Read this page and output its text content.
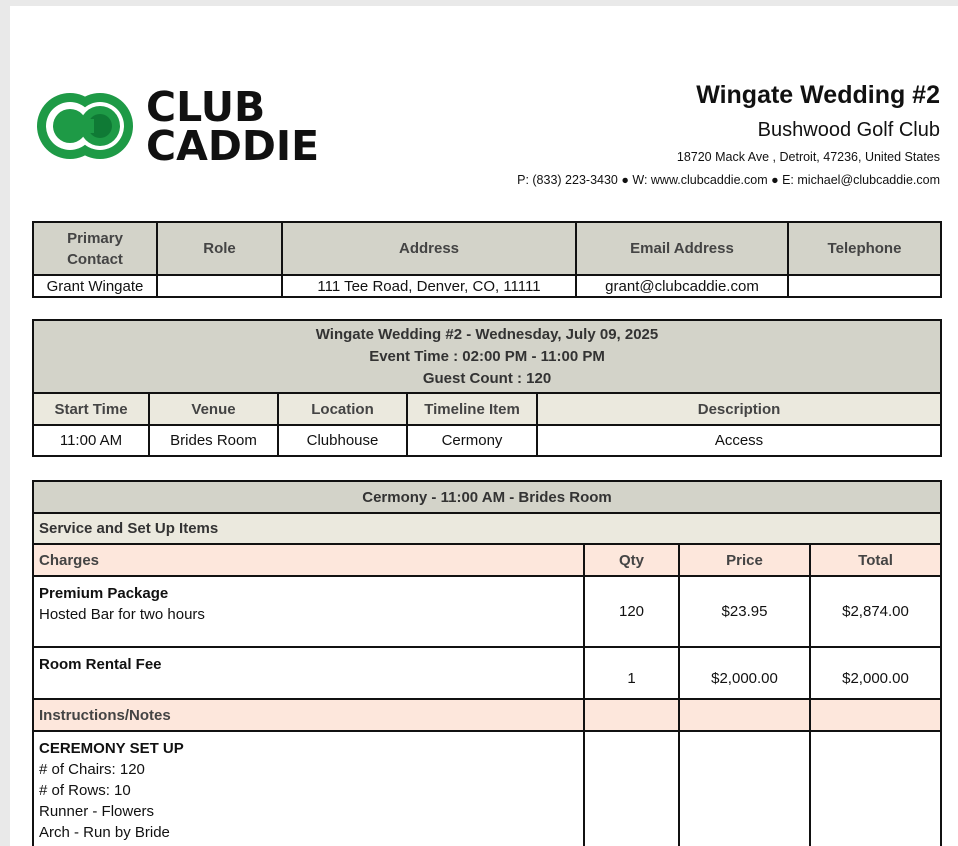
CLUB
CADDIE
Wingate Wedding #2
Bushwood Golf Club
18720 Mack Ave , Detroit, 47236, United States
P: (833) 223-3430 ● W: www.clubcaddie.com ● E: michael@clubcaddie.com
Primary Contact	Role	Address	Email Address	Telephone
Grant Wingate		111 Tee Road, Denver, CO, 11111	grant@clubcaddie.com	
Wingate Wedding #2 - Wednesday, July 09, 2025
Event Time : 02:00 PM - 11:00 PM
Guest Count : 120				

Start Time	Venue	Location	Timeline Item	Description
11:00 AM	Brides Room	Clubhouse	Cermony	Access
Cermony - 11:00 AM - Brides Room			
Service and Set Up Items			
Charges	Qty	Price	Total

Premium Package
Hosted Bar for two hours	120	$23.95	$2,874.00

Room Rental Fee	1	$2,000.00	$2,000.00
Instructions/Notes			

CEREMONY SET UP
# of Chairs: 120
# of Rows: 10
Runner - Flowers
Arch - Run by Bride			
